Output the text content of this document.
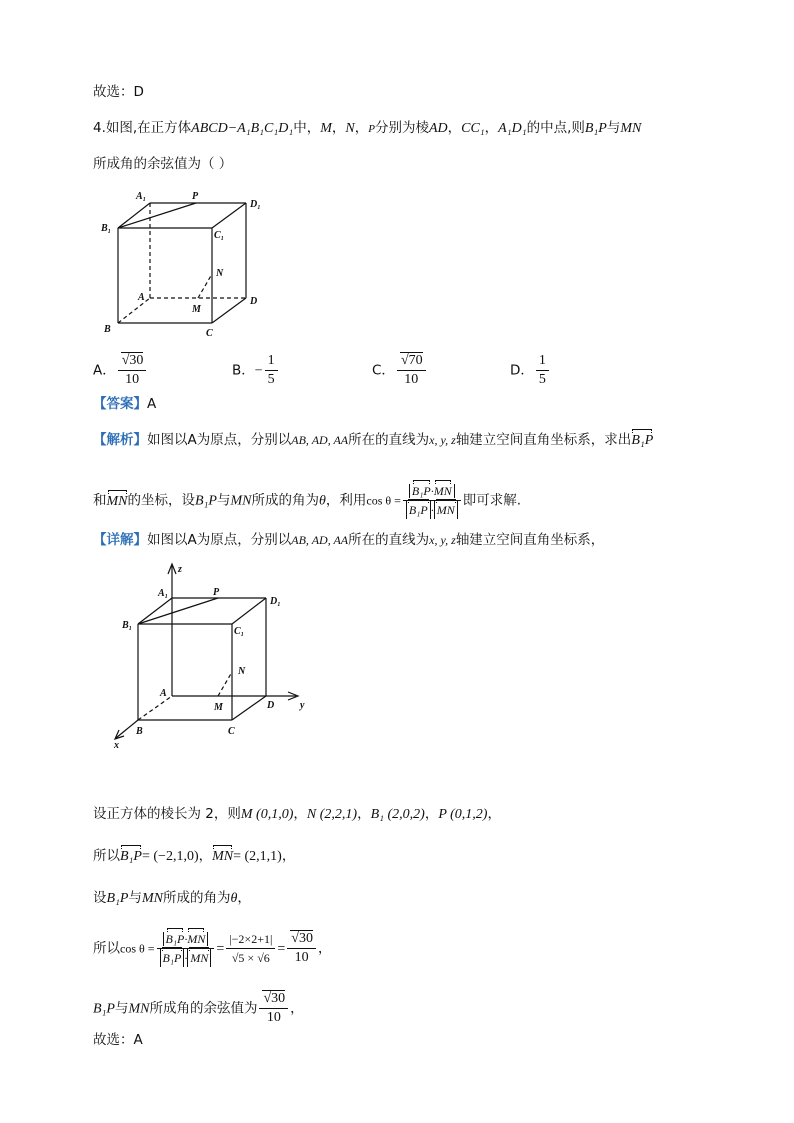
故选：D
4.如图,在正方体ABCD−A₁B₁C₁D₁中，M，N，P分别为棱AD，CC₁，A₁D₁的中点,则B₁P与MN
所成角的余弦值为（ ）
A₁	P
D₁
B₁
C₁
N
A	D
M
B	C
A． $\frac{√30}{10}$	B．− $\frac{1}{5}$	C． $\frac{√70}{10}$	D． $\frac{1}{5}$
【答案】A
【解析】如图以A为原点，分别以AB, AD, AA所在的直线为x, y, z轴建立空间直角坐标系，求出B₁P
和MN的坐标，设B₁P与MN所成的角为θ，利用$\cos \theta = \frac{\text{B₁P·MN}}{\text{B₁P · MN}}$ 即可求解.
【详解】如图以A为原点，分别以AB, AD, AA所在的直线为x, y, z轴建立空间直角坐标系，
z
A₁	P
D₁
B₁
C₁
N
A
D	y
M
B	C
x
设正方体的棱长为 2，则M (0,1,0)，N (2,2,1)，B₁ (2,0,2)，P (0,1,2)，
所以B₁P= (−2,1,0)，MN= (2,1,1)，
设B₁P与MN所成的角为θ，
所以$\cos \theta = \frac{\text{B₁P·MN}}{\text{B₁P · MN}} = \frac{|-2\times 2+1|}{√5 \times √6} = \frac{√30}{10}$ ，
B₁P与MN所成角的余弦值为 $\frac{√30}{10}$ ，
故选：A
